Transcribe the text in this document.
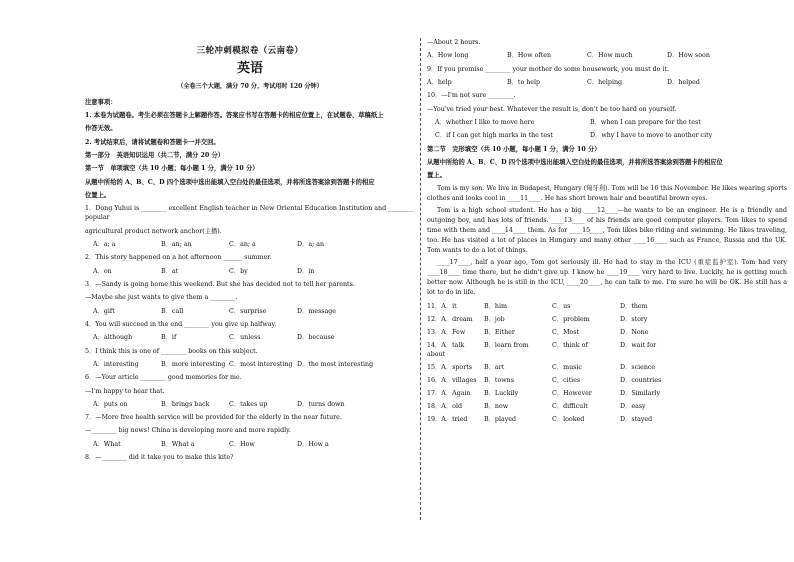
三轮冲刺模拟卷（云南卷）
英语
（全卷三个大题，满分 70 分，考试用时 120 分钟）
注意事项：
1. 本卷为试题卷。考生必须在答题卡上解题作答。答案应书写在答题卡的相应位置上，在试题卷、草稿纸上
作答无效。
2. 考试结束后，请将试题卷和答题卡一并交回。
第一部分　英语知识运用（共二节，满分 20 分）
第一节　单项填空（共 10 小题；每小题 1 分，满分 10 分）
从题中所给的 A、B、C、D 四个选项中选出能填入空白处的最佳选项，并将所选答案涂到答题卡的相应
位置上。
1．Dong Yuhui is ________ excellent English teacher in New Oriental Education Institution and ________ popular
agricultural product network anchor(主播).
A．a; a	B．an; an	C．an; a	D．a; an
2．This story happened on a hot afternoon ______ summer.
A．on	B．at	C．by	D．in
3．—Sandy is going home this weekend. But she has decided not to tell her parents.
—Maybe she just wants to give them a ________.
A．gift	B．call	C．surprise	D．message
4．You will succeed in the end ________ you give up halfway.
A．although	B．if	C．unless	D．because
5．I think this is one of ________ books on this subject.
A．interesting	B．more interesting C．most interesting D．the most interesting
6．—Your article ________ good memories for me.
—I'm happy to hear that.
A．puts on	B．brings back	C．takes up	D．turns down
7．—More free health service will be provided for the elderly in the near future.
—________ big news! China is developing more and more rapidly.
A．What	B．What a	C．How	D．How a
8．—________ did it take you to make this kite?
—About 2 hours.
A．How long	B．How often	C．How much	D．How soon
9．If you promise ________ your mother do some housework, you must do it.
A．help	B．to help	C．helping	D．helped
10．—I'm not sure ________.
—You've tried your best. Whatever the result is, don't be too hard on yourself.
A．whether I like to move here	B．when I can prepare for the test
C．if I can get high marks in the test	D．why I have to move to another city
第二节　完形填空（共 10 小题，每小题 1 分，满分 10 分）
从题中所给的 A、B、C、D 四个选项中选出能填入空白处的最佳选项，并将所选答案涂到答题卡的相应位
置上。

Tom is my son. We live in Budapest, Hungary (匈牙利). Tom will be 16 this November. He likes wearing sports clothes and looks cool in ____11____. He has short brown hair and beautiful brown eyes.

Tom is a high school student. He has a big ____12____—he wants to be an engineer. He is a friendly and outgoing boy, and has lots of friends. ____13____ of his friends are good computer players. Tom likes to spend time with them and ____14____ them. As for ____15____, Tom likes bike riding and swimming. He likes traveling, too. He has visited a lot of places in Hungary and many other ____16____ such as France, Russia and the UK. Tom wants to do a lot of things.

____17____, half a year ago, Tom got seriously ill. He had to stay in the ICU (重症监护室). Tom had very ____18____ time there, but he didn't give up. I know he ____19____ very hard to live. Luckily, he is getting much better now. Although he is still in the ICU, ____20____, he can talk to me. I'm sure he will be OK. He still has a lot to do in life.

11．A．it	B．him	C．us	D．them
12．A．dream	B．job	C．problem	D．story
13．A．Few	B．Either	C．Most	D．None
14．A．talk about
B．learn from	C．think of	D．wait for
15．A．sports	B．art	C．music	D．science
16．A．villages	B．towns	C．cities	D．countries
17．A．Again	B．Luckily	C．However	D．Similarly
18．A．old	B．new	C．difficult	D．easy
19．A．tried	B．played	C．looked	D．stayed
